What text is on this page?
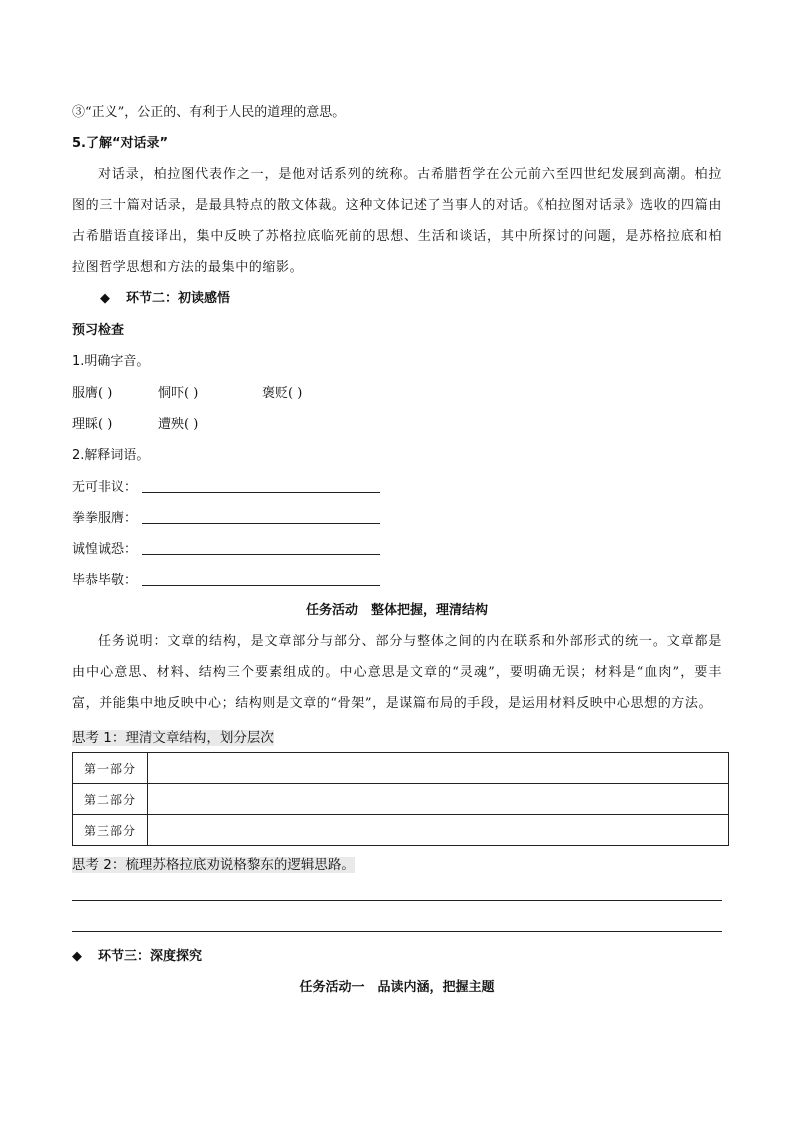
③“正义”，公正的、有利于人民的道理的意思。
5.了解“对话录”
对话录，柏拉图代表作之一，是他对话系列的统称。古希腊哲学在公元前六至四世纪发展到高潮。柏拉图的三十篇对话录，是最具特点的散文体裁。这种文体记述了当事人的对话。《柏拉图对话录》选收的四篇由古希腊语直接译出，集中反映了苏格拉底临死前的思想、生活和谈话，其中所探讨的问题，是苏格拉底和柏拉图哲学思想和方法的最集中的缩影。
◆ 环节二：初读感悟
预习检查
1.明确字音。
服膺( )	恫吓( )	褒贬( )
理睬( )	遭殃( )
2.解释词语。
无可非议：
拳拳服膺：
诚惶诚恐：
毕恭毕敬：
任务活动　整体把握，理清结构
任务说明：文章的结构，是文章部分与部分、部分与整体之间的内在联系和外部形式的统一。文章都是由中心意思、材料、结构三个要素组成的。中心意思是文章的“灵魂”，要明确无误；材料是“血肉”，要丰富，并能集中地反映中心；结构则是文章的“骨架”，是谋篇布局的手段，是运用材料反映中心思想的方法。
思考 1：理清文章结构，划分层次
第一部分	
第二部分	
第三部分	
思考 2：梳理苏格拉底劝说格黎东的逻辑思路。
◆ 环节三：深度探究
任务活动一　品读内涵，把握主题
